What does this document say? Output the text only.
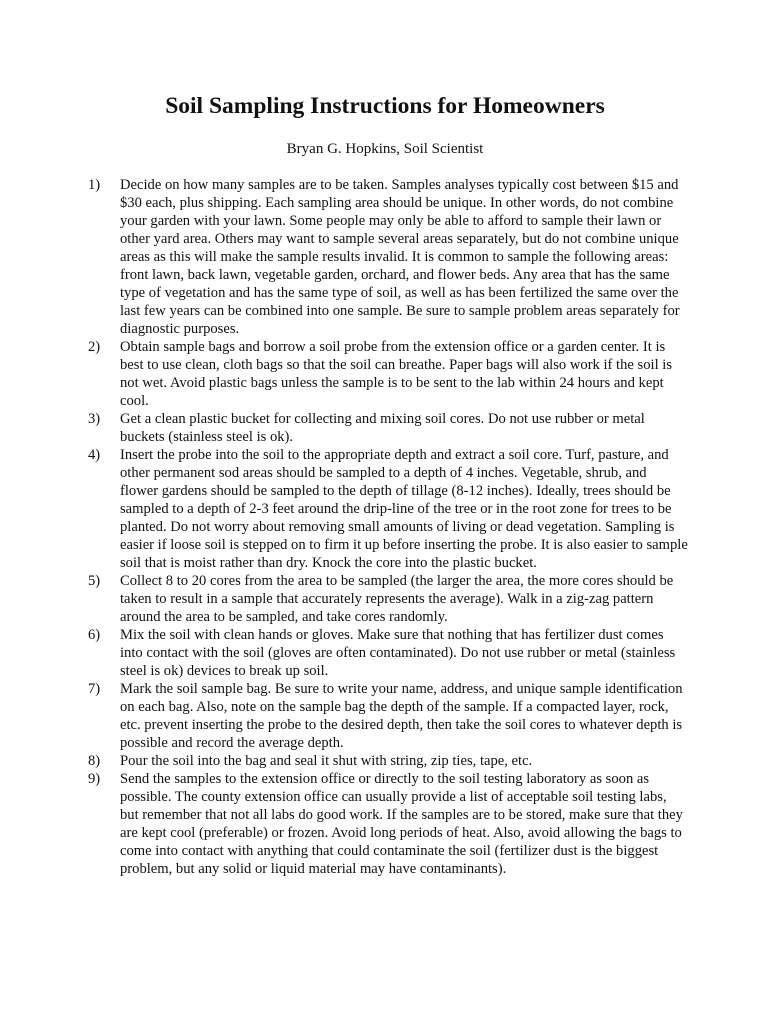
Soil Sampling Instructions for Homeowners

Bryan G. Hopkins, Soil Scientist

1) Decide on how many samples are to be taken. Samples analyses typically cost between $15 and $30 each, plus shipping. Each sampling area should be unique. In other words, do not combine your garden with your lawn. Some people may only be able to afford to sample their lawn or other yard area. Others may want to sample several areas separately, but do not combine unique areas as this will make the sample results invalid. It is common to sample the following areas: front lawn, back lawn, vegetable garden, orchard, and flower beds. Any area that has the same type of vegetation and has the same type of soil, as well as has been fertilized the same over the last few years can be combined into one sample. Be sure to sample problem areas separately for diagnostic purposes.
2) Obtain sample bags and borrow a soil probe from the extension office or a garden center. It is best to use clean, cloth bags so that the soil can breathe. Paper bags will also work if the soil is not wet. Avoid plastic bags unless the sample is to be sent to the lab within 24 hours and kept cool.
3) Get a clean plastic bucket for collecting and mixing soil cores. Do not use rubber or metal buckets (stainless steel is ok).
4) Insert the probe into the soil to the appropriate depth and extract a soil core. Turf, pasture, and other permanent sod areas should be sampled to a depth of 4 inches. Vegetable, shrub, and flower gardens should be sampled to the depth of tillage (8-12 inches). Ideally, trees should be sampled to a depth of 2-3 feet around the drip-line of the tree or in the root zone for trees to be planted. Do not worry about removing small amounts of living or dead vegetation. Sampling is easier if loose soil is stepped on to firm it up before inserting the probe. It is also easier to sample soil that is moist rather than dry. Knock the core into the plastic bucket.
5) Collect 8 to 20 cores from the area to be sampled (the larger the area, the more cores should be taken to result in a sample that accurately represents the average). Walk in a zig-zag pattern around the area to be sampled, and take cores randomly.
6) Mix the soil with clean hands or gloves. Make sure that nothing that has fertilizer dust comes into contact with the soil (gloves are often contaminated). Do not use rubber or metal (stainless steel is ok) devices to break up soil.
7) Mark the soil sample bag. Be sure to write your name, address, and unique sample identification on each bag. Also, note on the sample bag the depth of the sample. If a compacted layer, rock, etc. prevent inserting the probe to the desired depth, then take the soil cores to whatever depth is possible and record the average depth.
8) Pour the soil into the bag and seal it shut with string, zip ties, tape, etc.
9) Send the samples to the extension office or directly to the soil testing laboratory as soon as possible. The county extension office can usually provide a list of acceptable soil testing labs, but remember that not all labs do good work. If the samples are to be stored, make sure that they are kept cool (preferable) or frozen. Avoid long periods of heat. Also, avoid allowing the bags to come into contact with anything that could contaminate the soil (fertilizer dust is the biggest problem, but any solid or liquid material may have contaminants).
